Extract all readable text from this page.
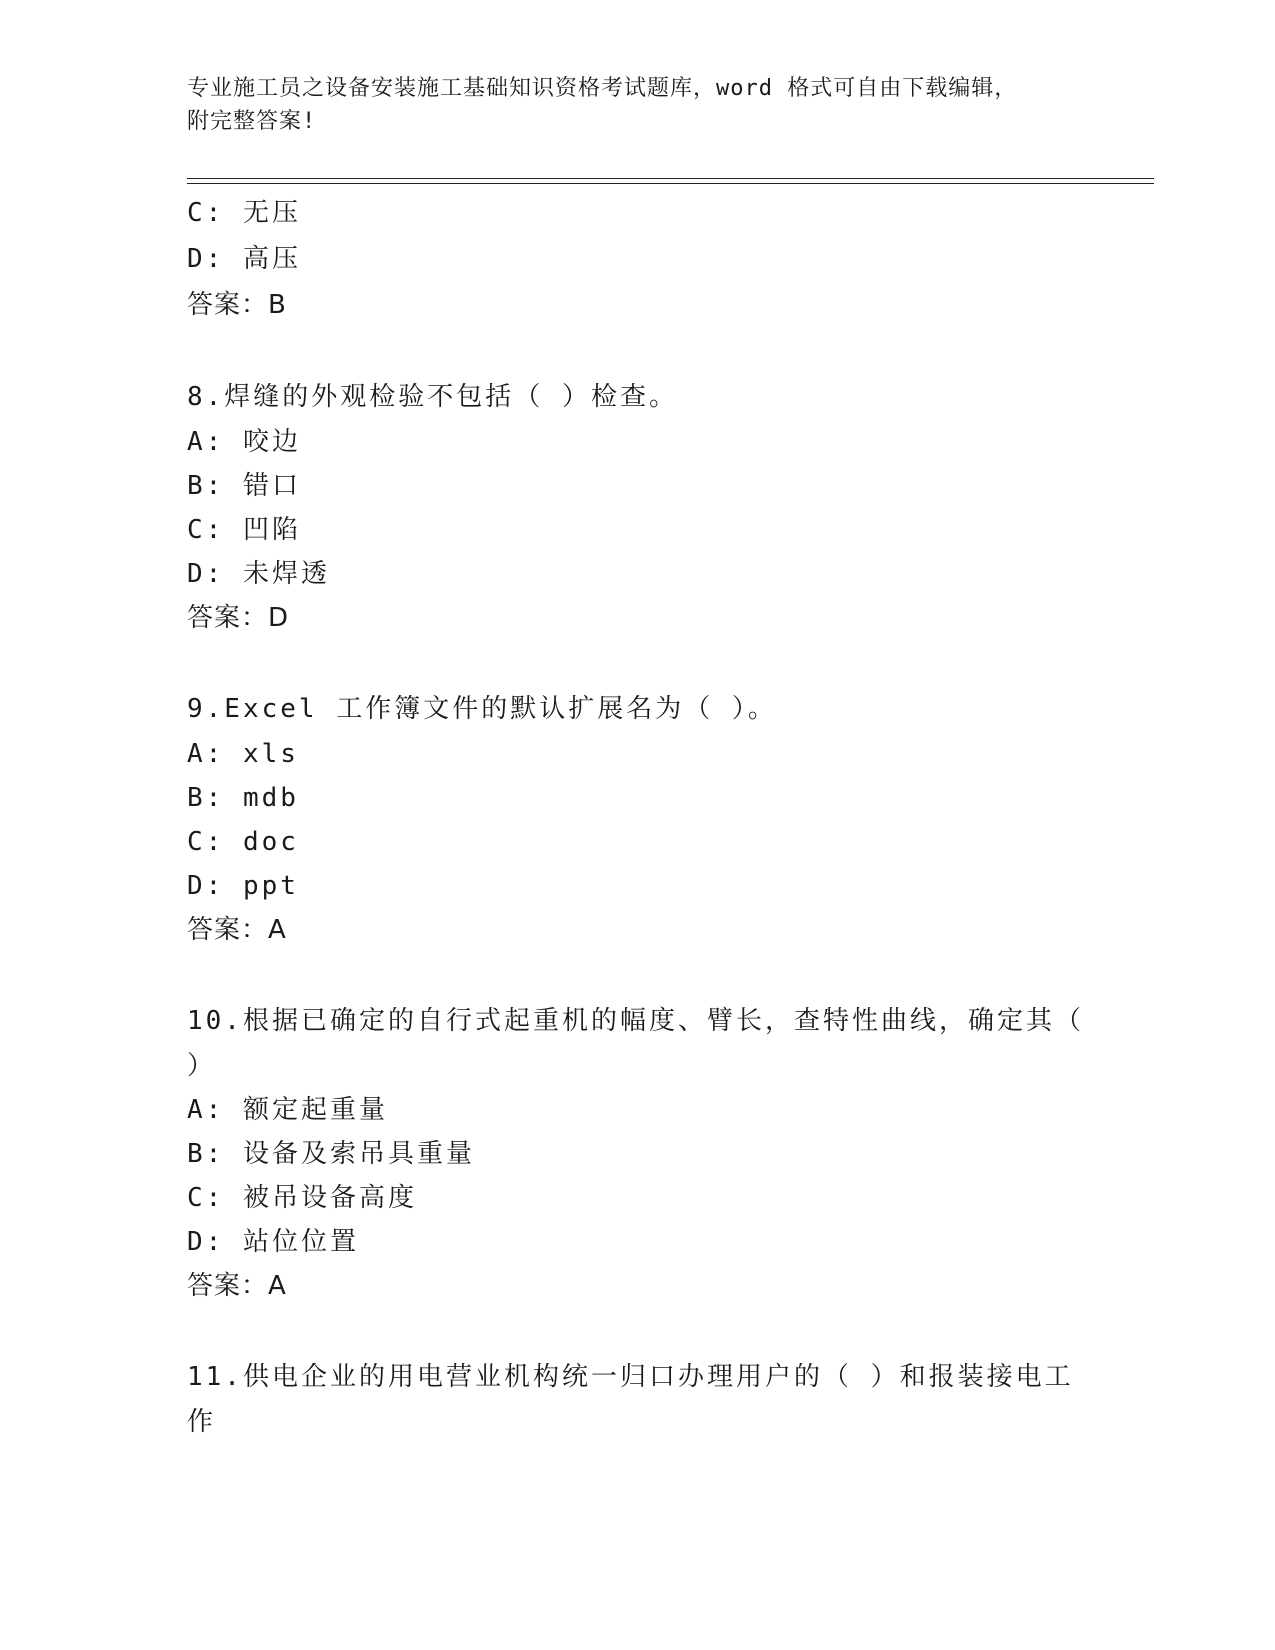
专业施工员之设备安装施工基础知识资格考试题库，word 格式可自由下载编辑，
附完整答案!
C: 无压
D: 高压
答案：B
8.焊缝的外观检验不包括（ ）检查。
A: 咬边
B: 错口
C: 凹陷
D: 未焊透
答案：D
9.Excel 工作簿文件的默认扩展名为（ ）。
A: xls
B: mdb
C: doc
D: ppt
答案：A
10.根据已确定的自行式起重机的幅度、臂长，查特性曲线，确定其（
）
A: 额定起重量
B: 设备及索吊具重量
C: 被吊设备高度
D: 站位位置
答案：A
11.供电企业的用电营业机构统一归口办理用户的（ ）和报装接电工
作
